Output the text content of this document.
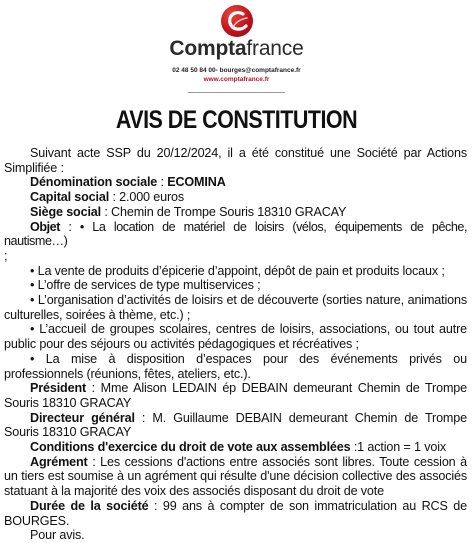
Comptafrance
02 48 50 84 00- bourges@comptafrance.fr
www.comptafrance.fr
AVIS DE CONSTITUTION

Suivant acte SSP du 20/12/2024, il a été constitué une Société par Actions Simplifiée :

Dénomination sociale : ECOMINA

Capital social : 2.000 euros

Siège social : Chemin de Trompe Souris 18310 GRACAY

Objet : • La location de matériel de loisirs (vélos, équipements de pêche, nautisme…)

;

• La vente de produits d’épicerie d’appoint, dépôt de pain et produits locaux ;

• L’offre de services de type multiservices ;

• L’organisation d’activités de loisirs et de découverte (sorties nature, animations culturelles, soirées à thème, etc.) ;

• L’accueil de groupes scolaires, centres de loisirs, associations, ou tout autre public pour des séjours ou activités pédagogiques et récréatives ;

• La mise à disposition d’espaces pour des événements privés ou professionnels (réunions, fêtes, ateliers, etc.).

Président : Mme Alison LEDAIN ép DEBAIN demeurant Chemin de Trompe Souris 18310 GRACAY

Directeur général : M. Guillaume DEBAIN demeurant Chemin de Trompe Souris 18310 GRACAY

Conditions d'exercice du droit de vote aux assemblées :1 action = 1 voix

Agrément : Les cessions d'actions entre associés sont libres. Toute cession à un tiers est soumise à un agrément qui résulte d'une décision collective des associés statuant à la majorité des voix des associés disposant du droit de vote

Durée de la société : 99 ans à compter de son immatriculation au RCS de BOURGES.

Pour avis.
